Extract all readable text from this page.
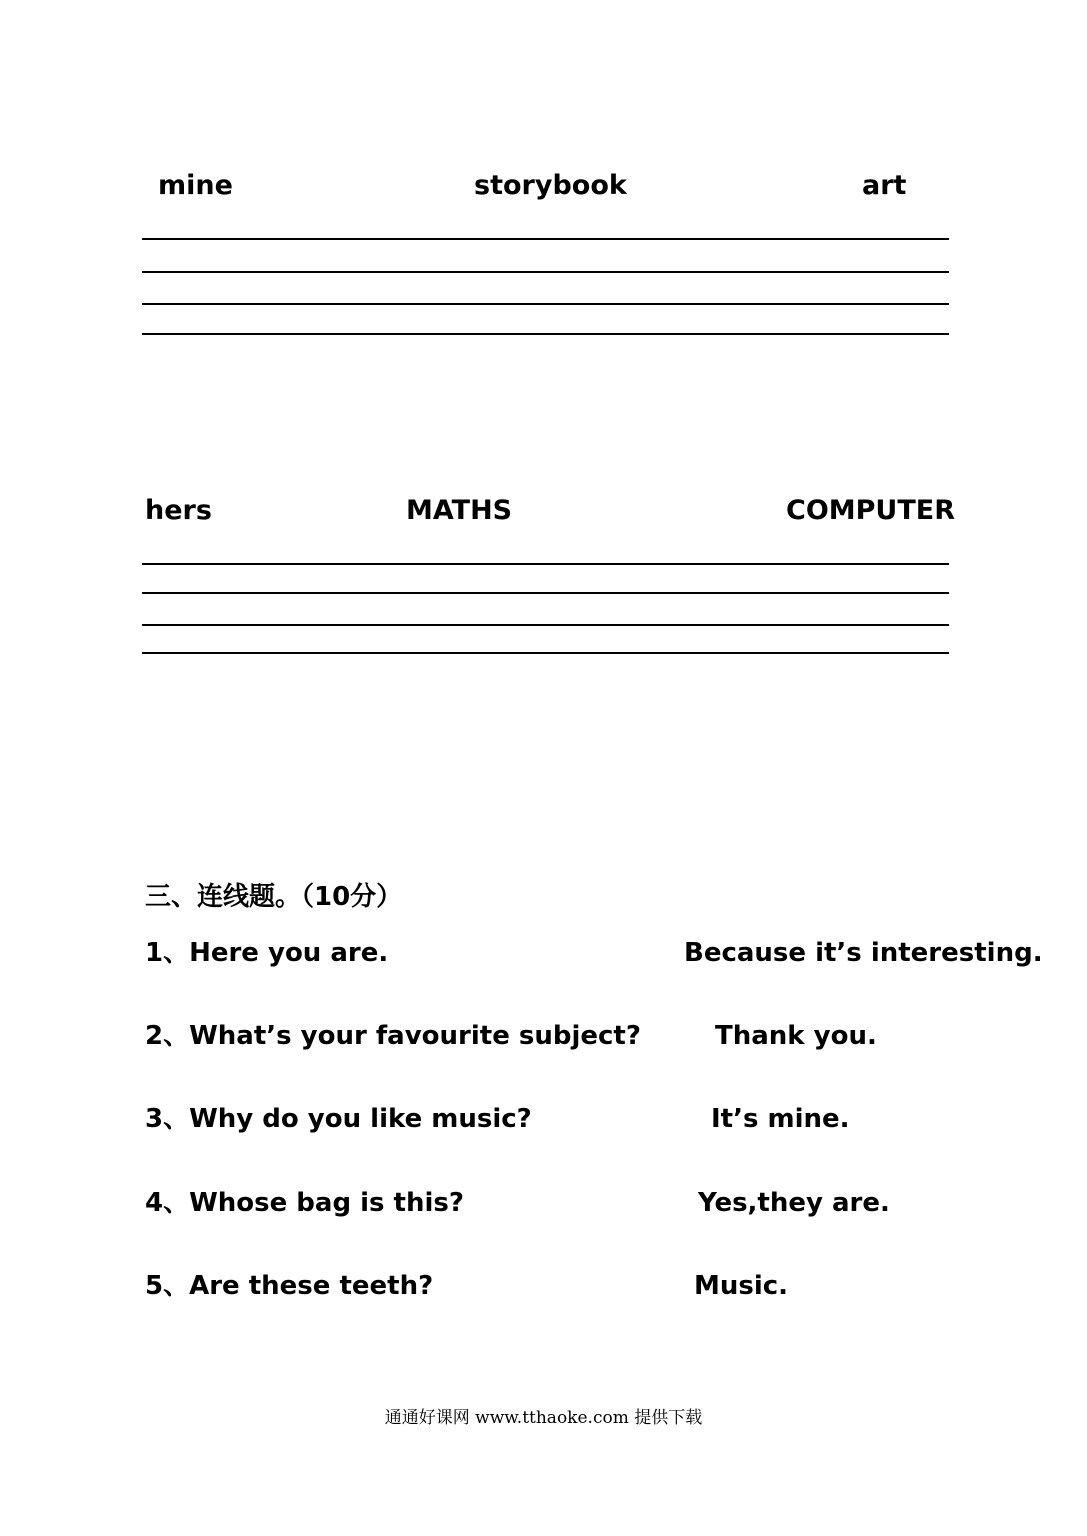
mine	storybook	art
hers	MATHS	COMPUTER
三、连线题。（10分）
1、Here you are.	Because it’s interesting.
2、What’s your favourite subject?	Thank you.
3、Why do you like music?	It’s mine.
4、Whose bag is this?	Yes,they are.
5、Are these teeth?	Music.
通通好课网 www.tthaoke.com 提供下载
